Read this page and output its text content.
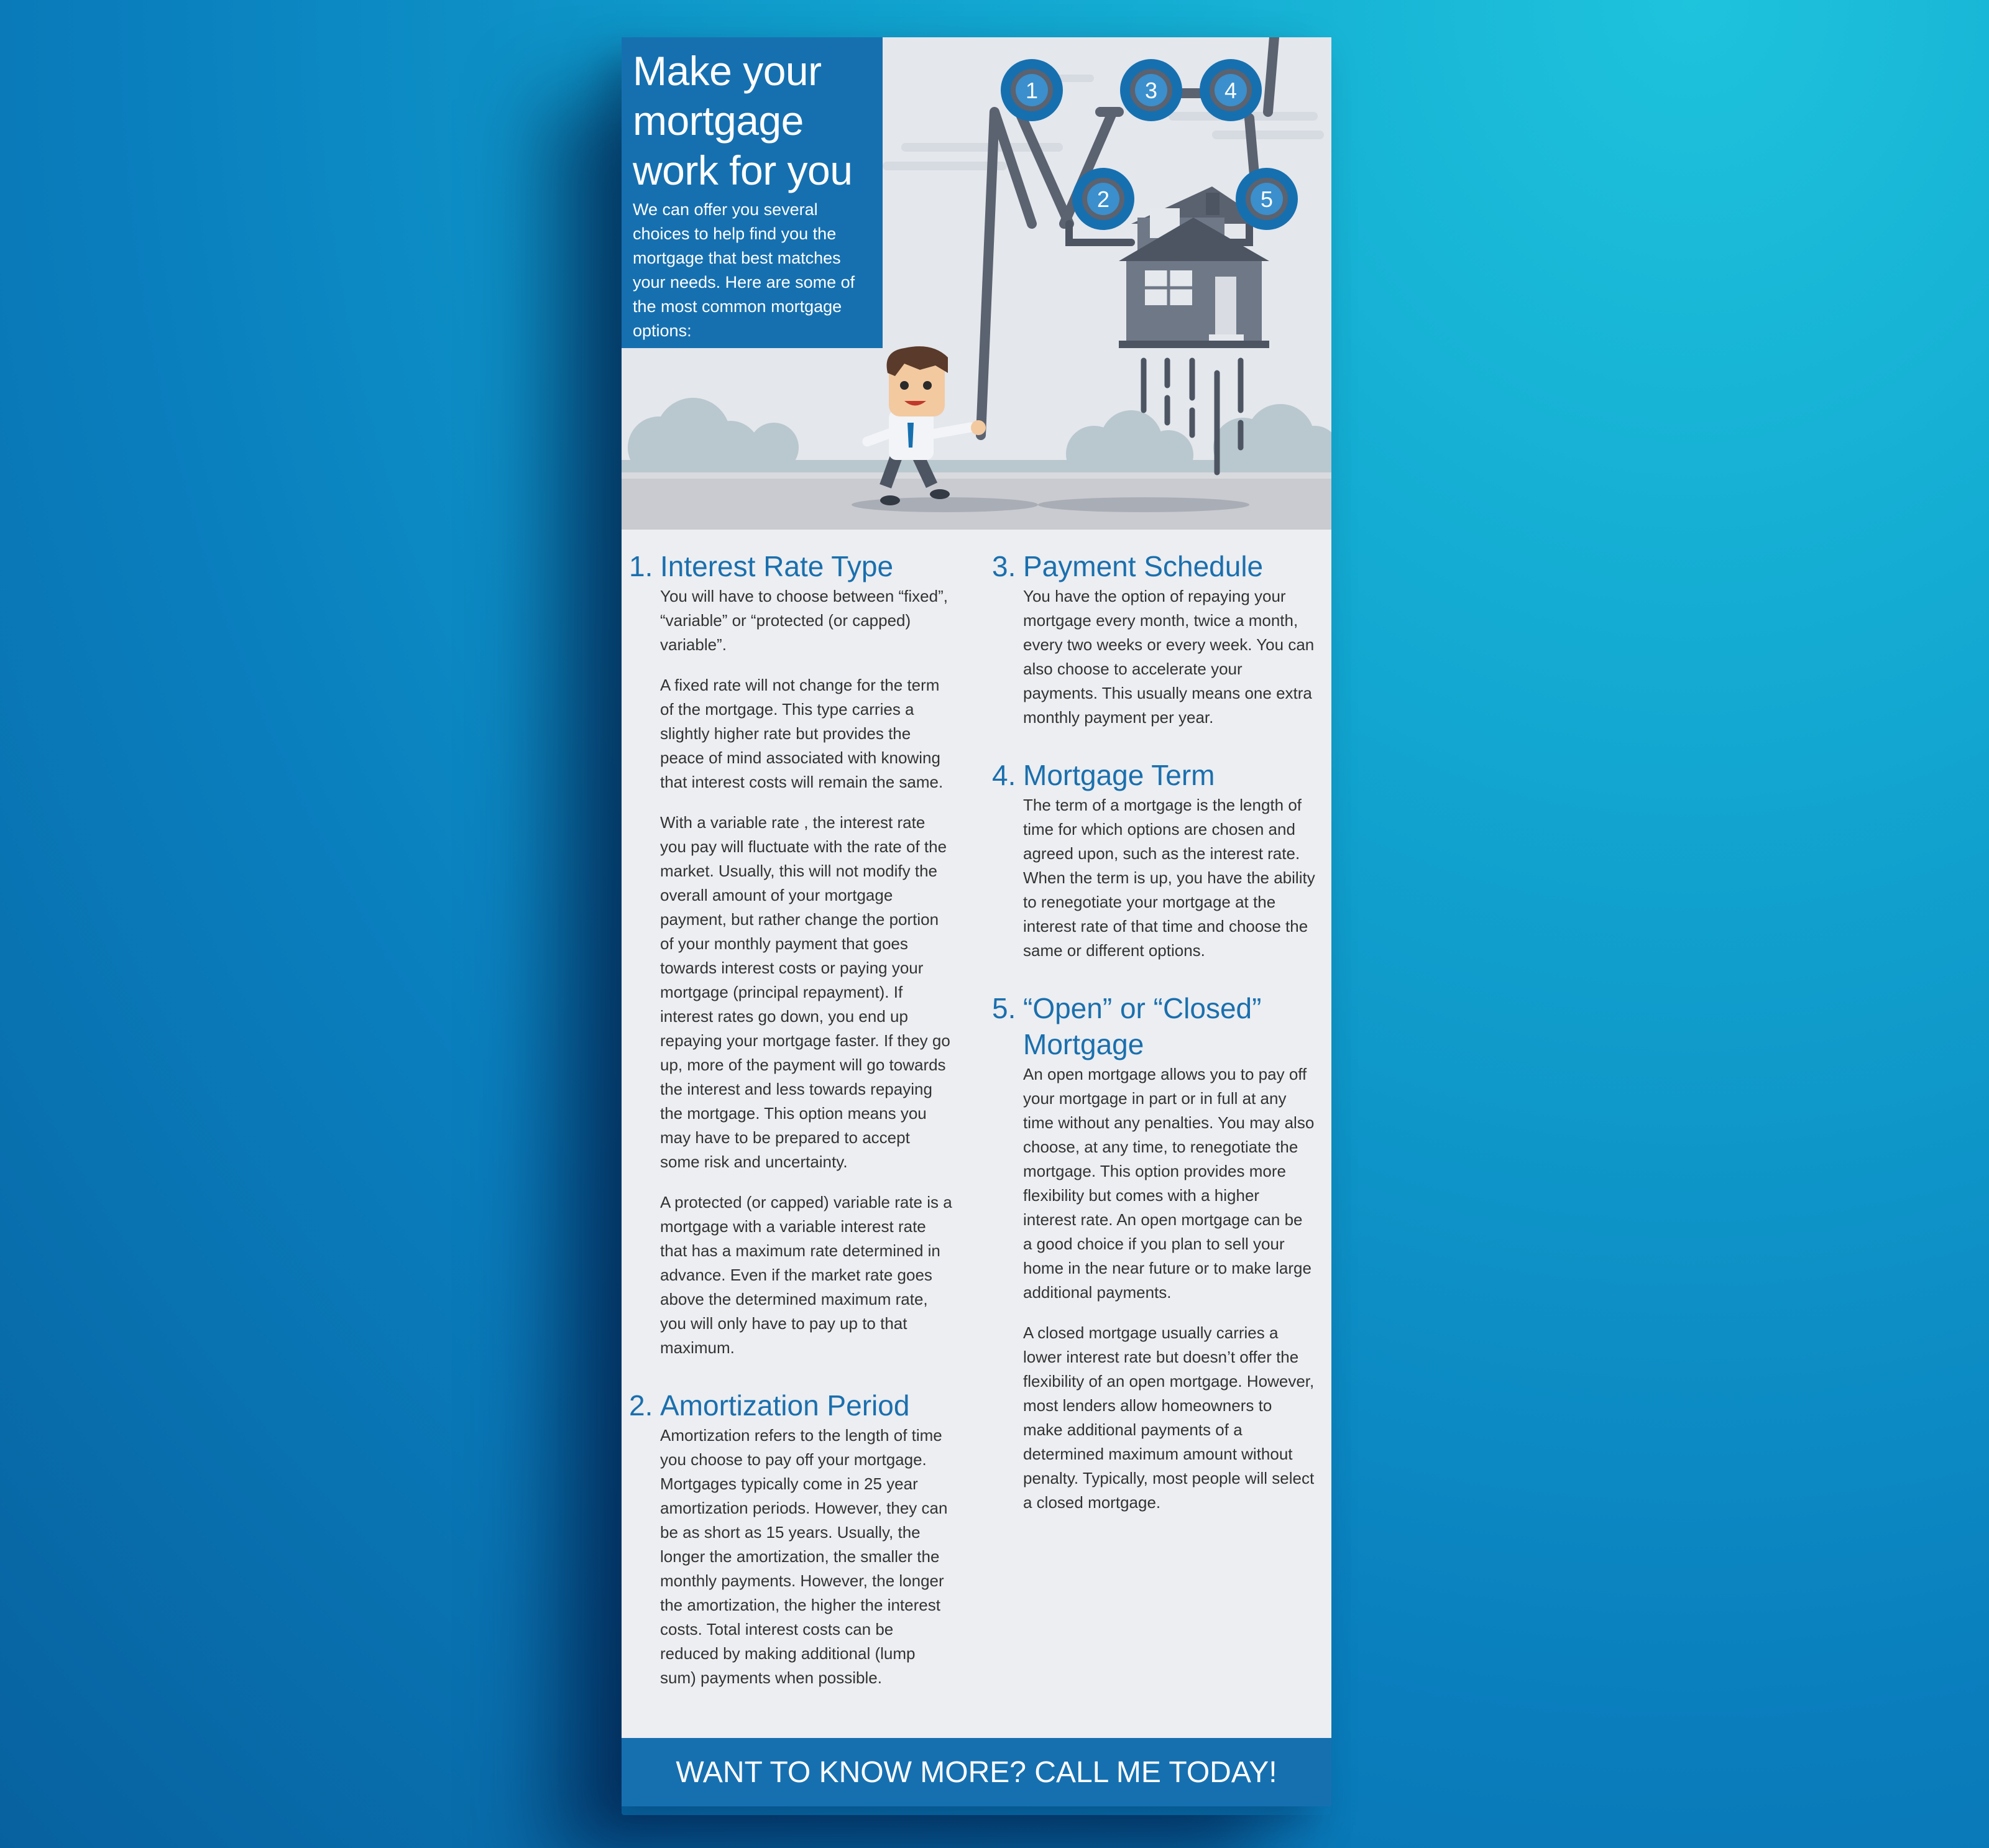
1
2
3	4
5
Make your mortgage work for you
We can offer you several choices to help find you the mortgage that best matches your needs. Here are some of the most common mortgage options:
1. Interest Rate Type

You will have to choose between “fixed”, “variable” or “protected (or capped) variable”.

A fixed rate will not change for the term of the mortgage. This type carries a slightly higher rate but provides the peace of mind associated with knowing that interest costs will remain the same.

With a variable rate , the interest rate you pay will fluctuate with the rate of the market. Usually, this will not modify the overall amount of your mortgage payment, but rather change the portion of your monthly payment that goes towards interest costs or paying your mortgage (principal repayment). If interest rates go down, you end up repaying your mortgage faster. If they go up, more of the payment will go towards the interest and less towards repaying the mortgage. This option means you may have to be prepared to accept some risk and uncertainty.

A protected (or capped) variable rate is a mortgage with a variable interest rate that has a maximum rate determined in advance. Even if the market rate goes above the determined maximum rate, you will only have to pay up to that maximum.

2. Amortization Period

Amortization refers to the length of time you choose to pay off your mortgage. Mortgages typically come in 25 year amortization periods. However, they can be as short as 15 years. Usually, the longer the amortization, the smaller the monthly payments. However, the longer the amortization, the higher the interest costs. Total interest costs can be reduced by making additional (lump sum) payments when possible.

3. Payment Schedule

You have the option of repaying your mortgage every month, twice a month, every two weeks or every week. You can also choose to accelerate your payments. This usually means one extra monthly payment per year.

4. Mortgage Term

The term of a mortgage is the length of time for which options are chosen and agreed upon, such as the interest rate. When the term is up, you have the ability to renegotiate your mortgage at the interest rate of that time and choose the same or different options.

5. “Open” or “Closed” Mortgage

An open mortgage allows you to pay off your mortgage in part or in full at any time without any penalties. You may also choose, at any time, to renegotiate the mortgage. This option provides more flexibility but comes with a higher interest rate. An open mortgage can be a good choice if you plan to sell your home in the near future or to make large additional payments.

A closed mortgage usually carries a lower interest rate but doesn’t offer the flexibility of an open mortgage. However, most lenders allow homeowners to make additional payments of a determined maximum amount without penalty. Typically, most people will select a closed mortgage.

WANT TO KNOW MORE? CALL ME TODAY!
